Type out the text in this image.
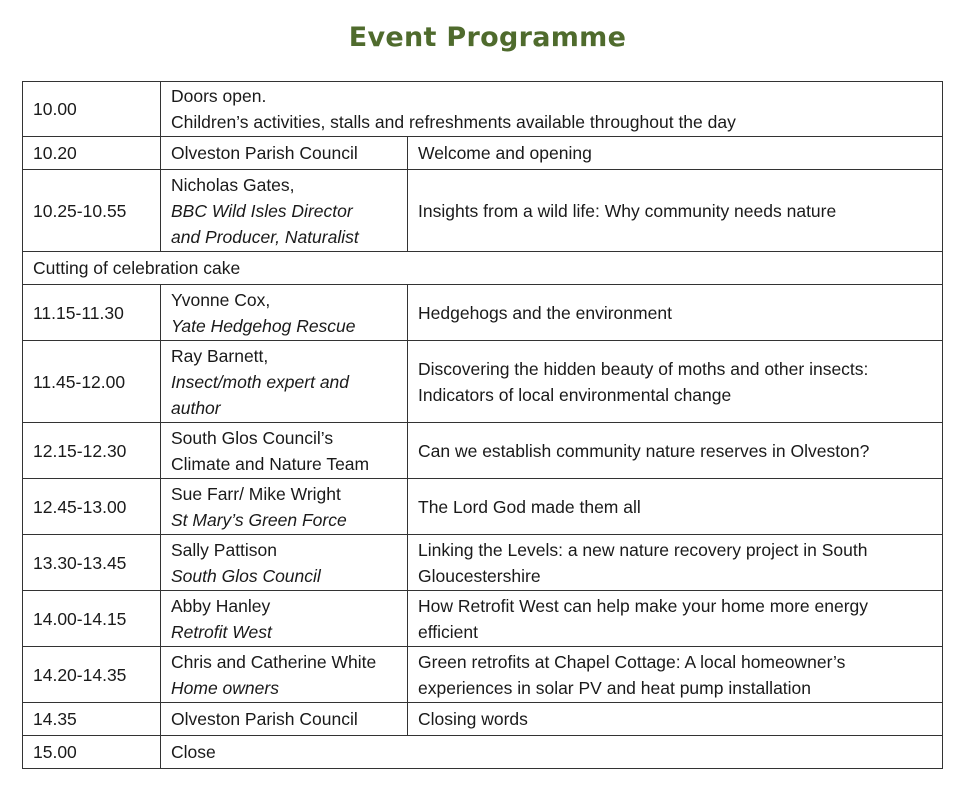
Event Programme
10.00	Doors open.
Children’s activities, stalls and refreshments available throughout the day	

10.20	Olveston Parish Council	Welcome and opening
10.25-10.55	Nicholas Gates,
BBC Wild Isles Director
and Producer, Naturalist	Insights from a wild life: Why community needs nature
Cutting of celebration cake		
11.15-11.30	Yvonne Cox,
Yate Hedgehog Rescue	Hedgehogs and the environment
11.45-12.00	Ray Barnett,
Insect/moth expert and
author	Discovering the hidden beauty of moths and other insects:
Indicators of local environmental change

12.15-12.30	South Glos Council’s
Climate and Nature Team	Can we establish community nature reserves in Olveston?
12.45-13.00	Sue Farr/ Mike Wright
St Mary’s Green Force	The Lord God made them all
13.30-13.45	Sally Pattison
South Glos Council	Linking the Levels: a new nature recovery project in South
Gloucestershire

14.00-14.15	Abby Hanley
Retrofit West	How Retrofit West can help make your home more energy
efficient

14.20-14.35	Chris and Catherine White
Home owners	Green retrofits at Chapel Cottage: A local homeowner’s
experiences in solar PV and heat pump installation

14.35	Olveston Parish Council	Closing words
15.00	Close	
